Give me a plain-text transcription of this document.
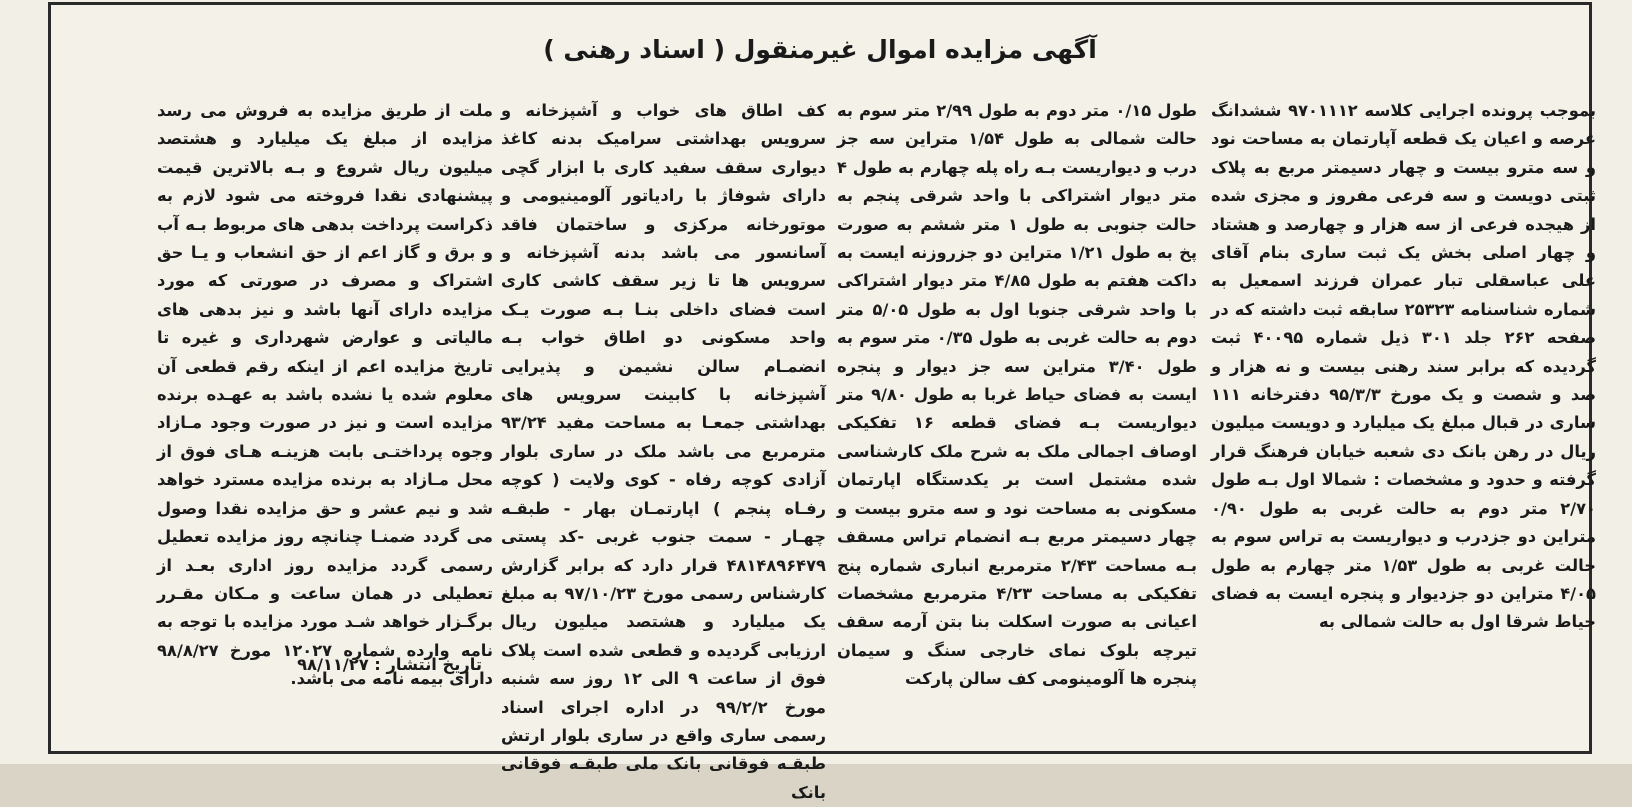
آگهی مزایده اموال غیرمنقول ( اسناد رهنی )
بموجب پرونده اجرایی کلاسه ۹۷۰۱۱۱۲ ششدانگ عرصه و اعیان یک قطعه آپارتمان به مساحت نود و سه مترو بیست و چهار دسیمتر مربع به پلاک ثبتی دویست و سه فرعی مفروز و مجزی شده از هیجده فرعی از سه هزار و چهارصد و هشتاد و چهار اصلی بخش یک ثبت ساری بنام آقای علی عباسقلی تبار عمران فرزند اسمعیل به شماره شناسنامه ۲۵۳۲۳ سابقه ثبت داشته که در صفحه ۲۶۲ جلد ۳۰۱ ذیل شماره ۴۰۰۹۵ ثبت گردیده که برابر سند رهنی بیست و نه هزار و صد و شصت و یک مورخ ۹۵/۳/۳ دفترخانه ۱۱۱ ساری در قبال مبلغ یک میلیارد و دویست میلیون ریال در رهن بانک دی شعبه خیابان فرهنگ قرار گرفته و حدود و مشخصات : شمالا اول بـه طول ۲/۷۰ متر دوم به حالت غربی به طول ۰/۹۰ متراین دو جزدرب و دیواریست به تراس سوم به حالت غربی به طول ۱/۵۳ متر چهارم به طول ۴/۰۵ متراین دو جزدیوار و پنجره ایست به فضای حیاط شرقا اول به حالت شمالی به
طول ۰/۱۵ متر دوم به طول ۲/۹۹ متر سوم به حالت شمالی به طول ۱/۵۴ متراین سه جز درب و دیواریست بـه راه پله چهارم به طول ۴ متر دیوار اشتراکی با واحد شرقی پنجم به حالت جنوبی به طول ۱ متر ششم به صورت پخ به طول ۱/۲۱ متراین دو جزروزنه ایست به داکت هفتم به طول ۴/۸۵ متر دیوار اشتراکی با واحد شرقی جنوبا اول به طول ۵/۰۵ متر دوم به حالت غربی به طول ۰/۳۵ متر سوم به طول ۳/۴۰ متراین سه جز دیوار و پنجره ایست به فضای حیاط غربا به طول ۹/۸۰ متر دیواریست بـه فضای قطعه ۱۶ تفکیکی اوصاف اجمالی ملک به شرح ملک کارشناسی شده مشتمل است بر یکدستگاه اپارتمان مسکونی به مساحت نود و سه مترو بیست و چهار دسیمتر مربع بـه انضمام تراس مسقف بـه مساحت ۲/۴۳ مترمربع انباری شماره پنج تفکیکی به مساحت ۴/۲۳ مترمربع مشخصات اعیانی به صورت اسکلت بنا بتن آرمه سقف تیرچه بلوک نمای خارجی سنگ و سیمان پنجره ها آلومینومی کف سالن پارکت
کف اطاق های خواب و آشپزخانه و سرویس بهداشتی سرامیک بدنه کاغذ دیواری سقف سفید کاری با ابزار گچی دارای شوفاژ با رادیاتور آلومینیومی و موتورخانه مرکزی و ساختمان فاقد آسانسور می باشد بدنه آشپزخانه و سرویس ها تا زیر سقف کاشی کاری است فضای داخلی بنـا بـه صورت یـک واحد مسکونی دو اطاق خواب بـه انضمـام سالن نشیمن و پذیرایی آشپزخانه با کابینت سرویس های بهداشتی جمعـا به مساحت مفید ۹۳/۲۴ مترمربع می باشد ملک در ساری بلوار آزادی کوچه رفاه - کوی ولایت ( کوچه رفـاه پنجم ) اپارتمـان بهار - طبقـه چهـار - سمت جنوب غربی -کد پستی ۴۸۱۴۸۹۶۴۷۹ قرار دارد که برابر گزارش کارشناس رسمی مورخ ۹۷/۱۰/۲۳ به مبلغ یک میلیارد و هشتصد میلیون ریال ارزیابی گردیده و قطعی شده است پلاک فوق از ساعت ۹ الی ۱۲ روز سه شنبه مورخ ۹۹/۲/۲ در اداره اجرای اسناد رسمی ساری واقع در ساری بلوار ارتش طبقـه فوقانی بانک ملی طبقـه فوقانی بانک
ملت از طریق مزایده به فروش می رسد مزایده از مبلغ یک میلیارد و هشتصد میلیون ریال شروع و بـه بالاترین قیمت پیشنهادی نقدا فروخته می شود لازم به ذکراست پرداخت بدهی های مربوط بـه آب و برق و گاز اعم از حق انشعاب و یـا حق اشتراک و مصرف در صورتی که مورد مزایده دارای آنها باشد و نیز بدهی های مالیاتی و عوارض شهرداری و غیره تا تاریخ مزایده اعم از اینکه رقم قطعی آن معلوم شده یا نشده باشد به عهـده برنده مزایده است و نیز در صورت وجود مـازاد وجوه پرداختـی بابت هزینـه هـای فوق از محل مـازاد به برنده مزایده مسترد خواهد شد و نیم عشر و حق مزایده نقدا وصول می گردد ضمنـا چنانچه روز مزایده تعطیل رسمی گردد مزایده روز اداری بعـد از تعطیلی در همان ساعت و مـکان مقـرر برگـزار خواهد شـد مورد مزایده با توجه به نامه وارده شماره ۱۲۰۲۷ مورخ ۹۸/۸/۲۷ دارای بیمه نامه می باشد.
تاریخ انتشار : ۹۸/۱۱/۲۷
